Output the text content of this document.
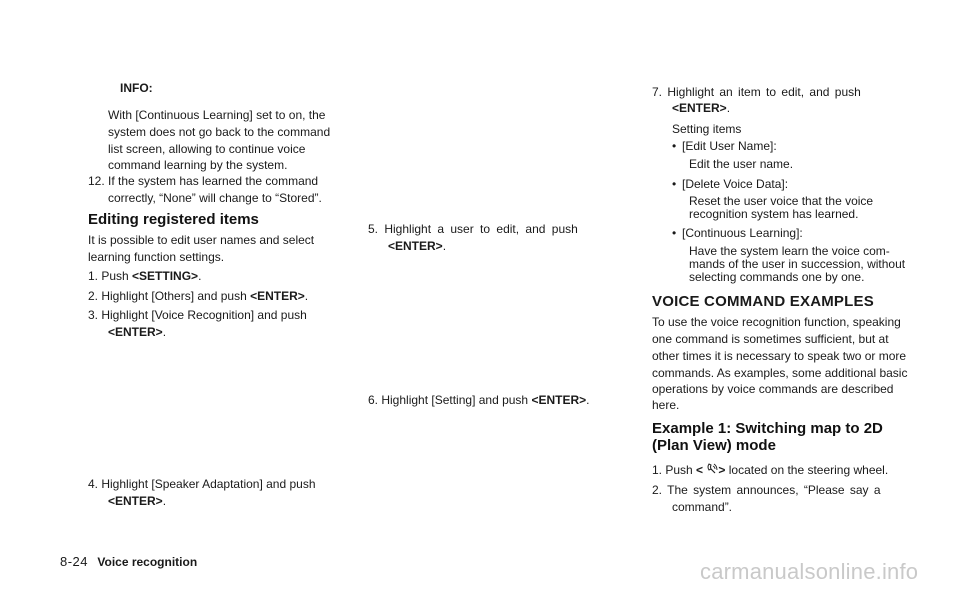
INFO:
With [Continuous Learning] set to on, the
system does not go back to the command
list screen, allowing to continue voice
command learning by the system.
12. If the system has learned the command
correctly, “None” will change to “Stored”.
Editing registered items
It is possible to edit user names and select
learning function settings.
1. Push <SETTING>.
2. Highlight [Others] and push <ENTER>.
3. Highlight [Voice Recognition] and push
<ENTER>.
4. Highlight [Speaker Adaptation] and push
<ENTER>.
5. Highlight a user to edit, and push
<ENTER>.
6. Highlight [Setting] and push <ENTER>.
7. Highlight an item to edit, and push
<ENTER>.
Setting items
• [Edit User Name]:
Edit the user name.
• [Delete Voice Data]:
Reset the user voice that the voice
recognition system has learned.
• [Continuous Learning]:
Have the system learn the voice com-
mands of the user in succession, without
selecting commands one by one.
VOICE COMMAND EXAMPLES
To use the voice recognition function, speaking
one command is sometimes sufficient, but at
other times it is necessary to speak two or more
commands. As examples, some additional basic
operations by voice commands are described
here.
Example 1: Switching map to 2D
(Plan View) mode
1. Push < > located on the steering wheel.
2. The system announces, “Please say a
command”.
8-24 Voice recognition	carmanualsonline.info
